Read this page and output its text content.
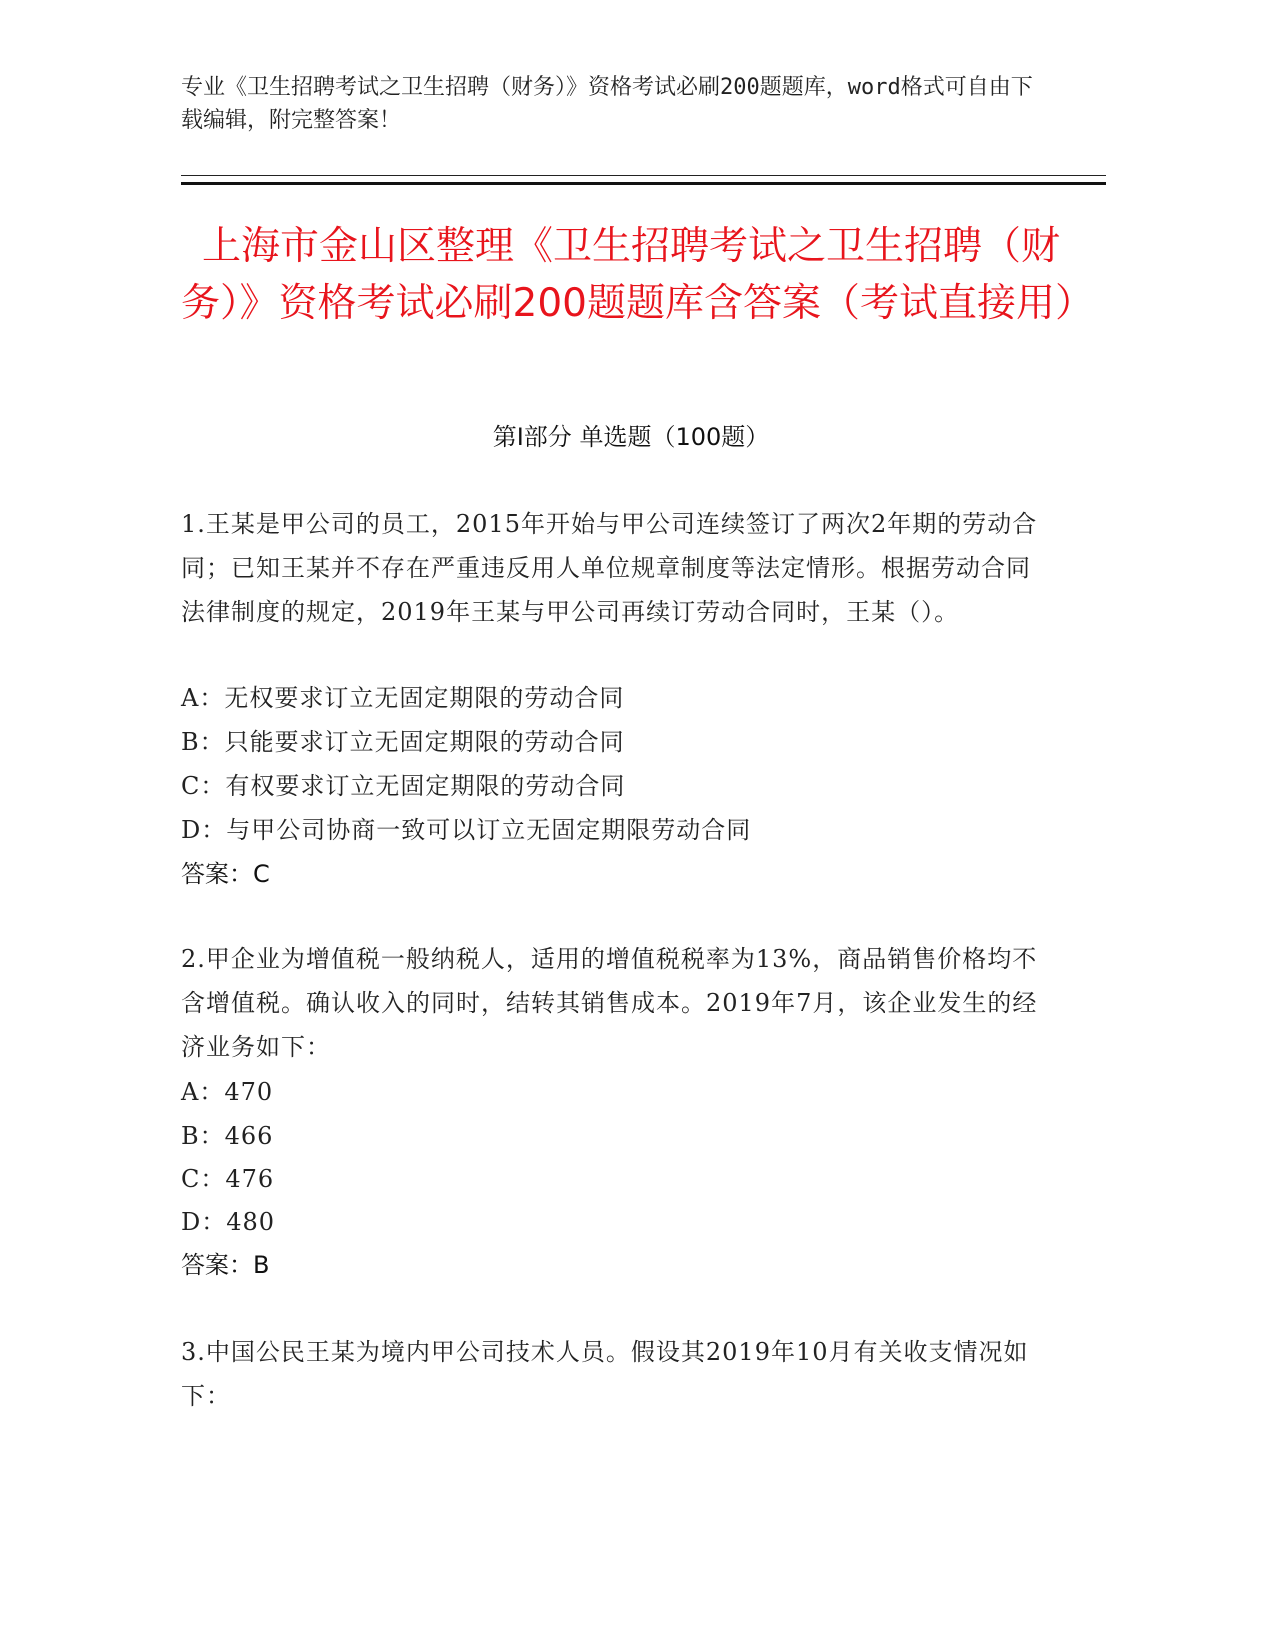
专业《卫生招聘考试之卫生招聘（财务）》资格考试必刷200题题库，word格式可自由下载编辑，附完整答案！
上海市金山区整理《卫生招聘考试之卫生招聘（财务）》资格考试必刷200题题库含答案（考试直接用）
第Ⅰ部分 单选题（100题）
1.王某是甲公司的员工，2015年开始与甲公司连续签订了两次2年期的劳动合同；已知王某并不存在严重违反用人单位规章制度等法定情形。根据劳动合同法律制度的规定，2019年王某与甲公司再续订劳动合同时，王某（）。
A：无权要求订立无固定期限的劳动合同
B：只能要求订立无固定期限的劳动合同
C：有权要求订立无固定期限的劳动合同
D：与甲公司协商一致可以订立无固定期限劳动合同
答案：C
2.甲企业为增值税一般纳税人，适用的增值税税率为13%，商品销售价格均不含增值税。确认收入的同时，结转其销售成本。2019年7月，该企业发生的经济业务如下：
A：470
B：466
C：476
D：480
答案：B
3.中国公民王某为境内甲公司技术人员。假设其2019年10月有关收支情况如下：
